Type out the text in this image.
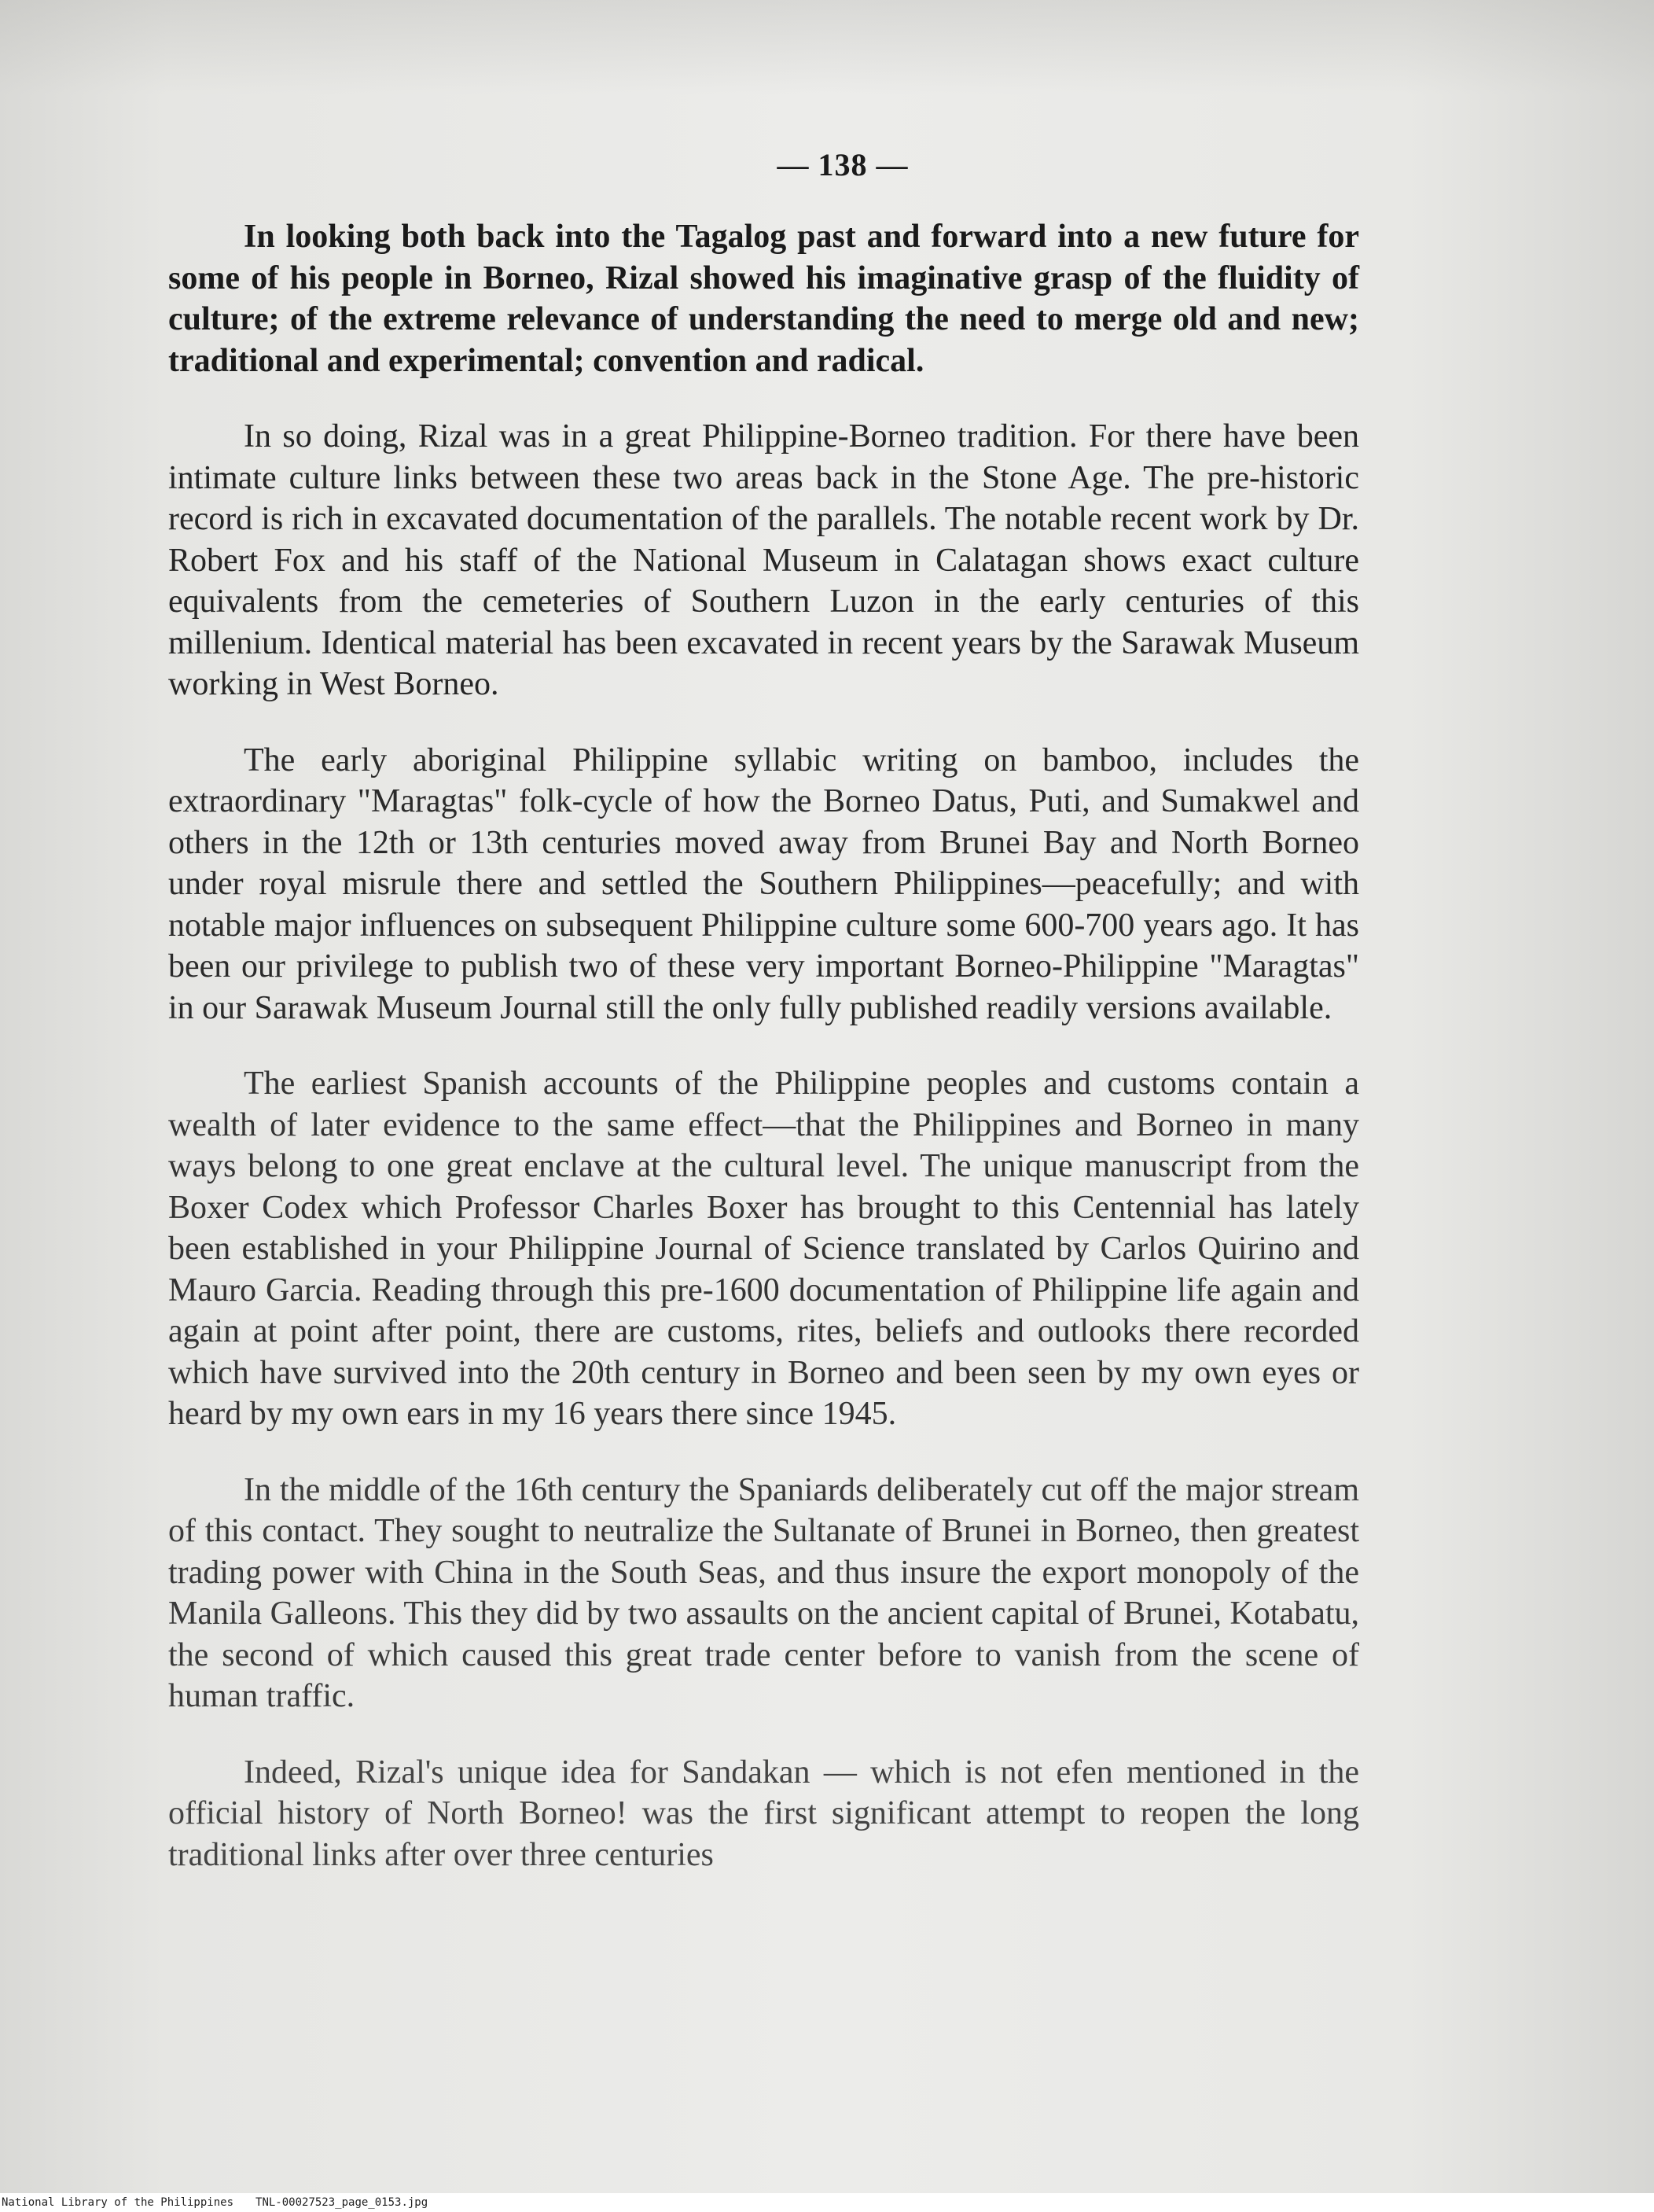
— 138 —

In looking both back into the Tagalog past and forward into a new future for some of his people in Borneo, Rizal showed his imaginative grasp of the fluidity of culture; of the extreme relevance of understanding the need to merge old and new; traditional and experimental; convention and radical.

In so doing, Rizal was in a great Philippine-Borneo tradition. For there have been intimate culture links between these two areas back in the Stone Age. The pre-historic record is rich in excavated documentation of the parallels. The notable recent work by Dr. Robert Fox and his staff of the National Museum in Calatagan shows exact culture equivalents from the cemeteries of Southern Luzon in the early centuries of this millenium. Identical material has been excavated in recent years by the Sarawak Museum working in West Borneo.

The early aboriginal Philippine syllabic writing on bamboo, includes the extraordinary "Maragtas" folk-cycle of how the Borneo Datus, Puti, and Sumakwel and others in the 12th or 13th centuries moved away from Brunei Bay and North Borneo under royal misrule there and settled the Southern Philippines—peacefully; and with notable major influences on subsequent Philippine culture some 600-700 years ago. It has been our privilege to publish two of these very important Borneo-Philippine "Maragtas" in our Sarawak Museum Journal still the only fully published readily versions available.

The earliest Spanish accounts of the Philippine peoples and customs contain a wealth of later evidence to the same effect—that the Philippines and Borneo in many ways belong to one great enclave at the cultural level. The unique manuscript from the Boxer Codex which Professor Charles Boxer has brought to this Centennial has lately been established in your Philippine Journal of Science translated by Carlos Quirino and Mauro Garcia. Reading through this pre-1600 documentation of Philippine life again and again at point after point, there are customs, rites, beliefs and outlooks there recorded which have survived into the 20th century in Borneo and been seen by my own eyes or heard by my own ears in my 16 years there since 1945.

In the middle of the 16th century the Spaniards deliberately cut off the major stream of this contact. They sought to neutralize the Sultanate of Brunei in Borneo, then greatest trading power with China in the South Seas, and thus insure the export monopoly of the Manila Galleons. This they did by two assaults on the ancient capital of Brunei, Kotabatu, the second of which caused this great trade center before to vanish from the scene of human traffic.

Indeed, Rizal's unique idea for Sandakan — which is not efen mentioned in the official history of North Borneo! was the first significant attempt to reopen the long traditional links after over three centuries

National Library of the Philippines TNL-00027523_page_0153.jpg
